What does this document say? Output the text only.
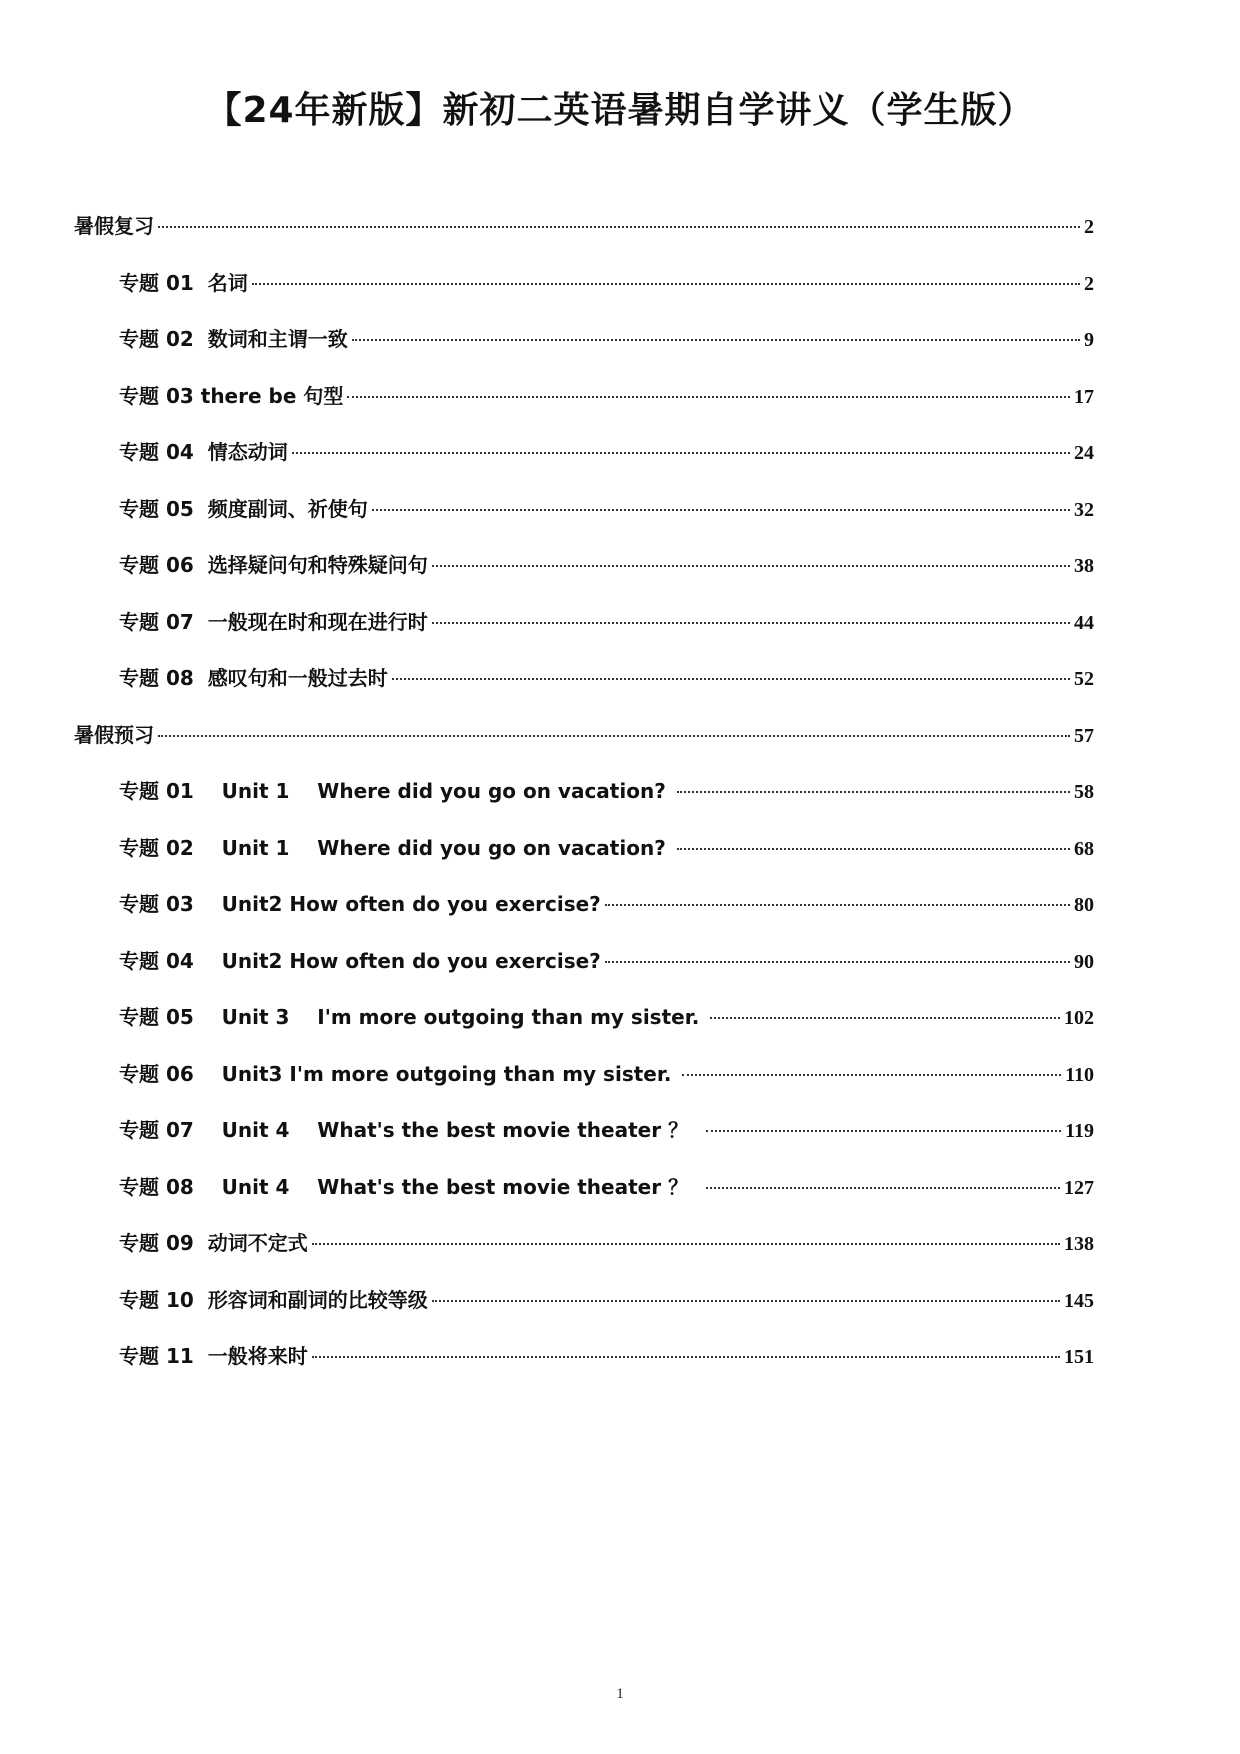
【24年新版】新初二英语暑期自学讲义（学生版）
暑假复习	2
专题 01  名词	2
专题 02  数词和主谓一致	9
专题 03 there be 句型	17
专题 04  情态动词	24
专题 05  频度副词、祈使句	32
专题 06  选择疑问句和特殊疑问句	38
专题 07  一般现在时和现在进行时	44
专题 08  感叹句和一般过去时	52
暑假预习	57
专题 01    Unit 1    Where did you go on vacation?	58
专题 02    Unit 1    Where did you go on vacation?	68
专题 03    Unit2 How often do you exercise?	80
专题 04    Unit2 How often do you exercise?	90
专题 05    Unit 3    I'm more outgoing than my sister.	102
专题 06    Unit3 I'm more outgoing than my sister.	110
专题 07    Unit 4    What's the best movie theater ？	119
专题 08    Unit 4    What's the best movie theater ？	127
专题 09  动词不定式	138
专题 10  形容词和副词的比较等级	145
专题 11  一般将来时	151
1
